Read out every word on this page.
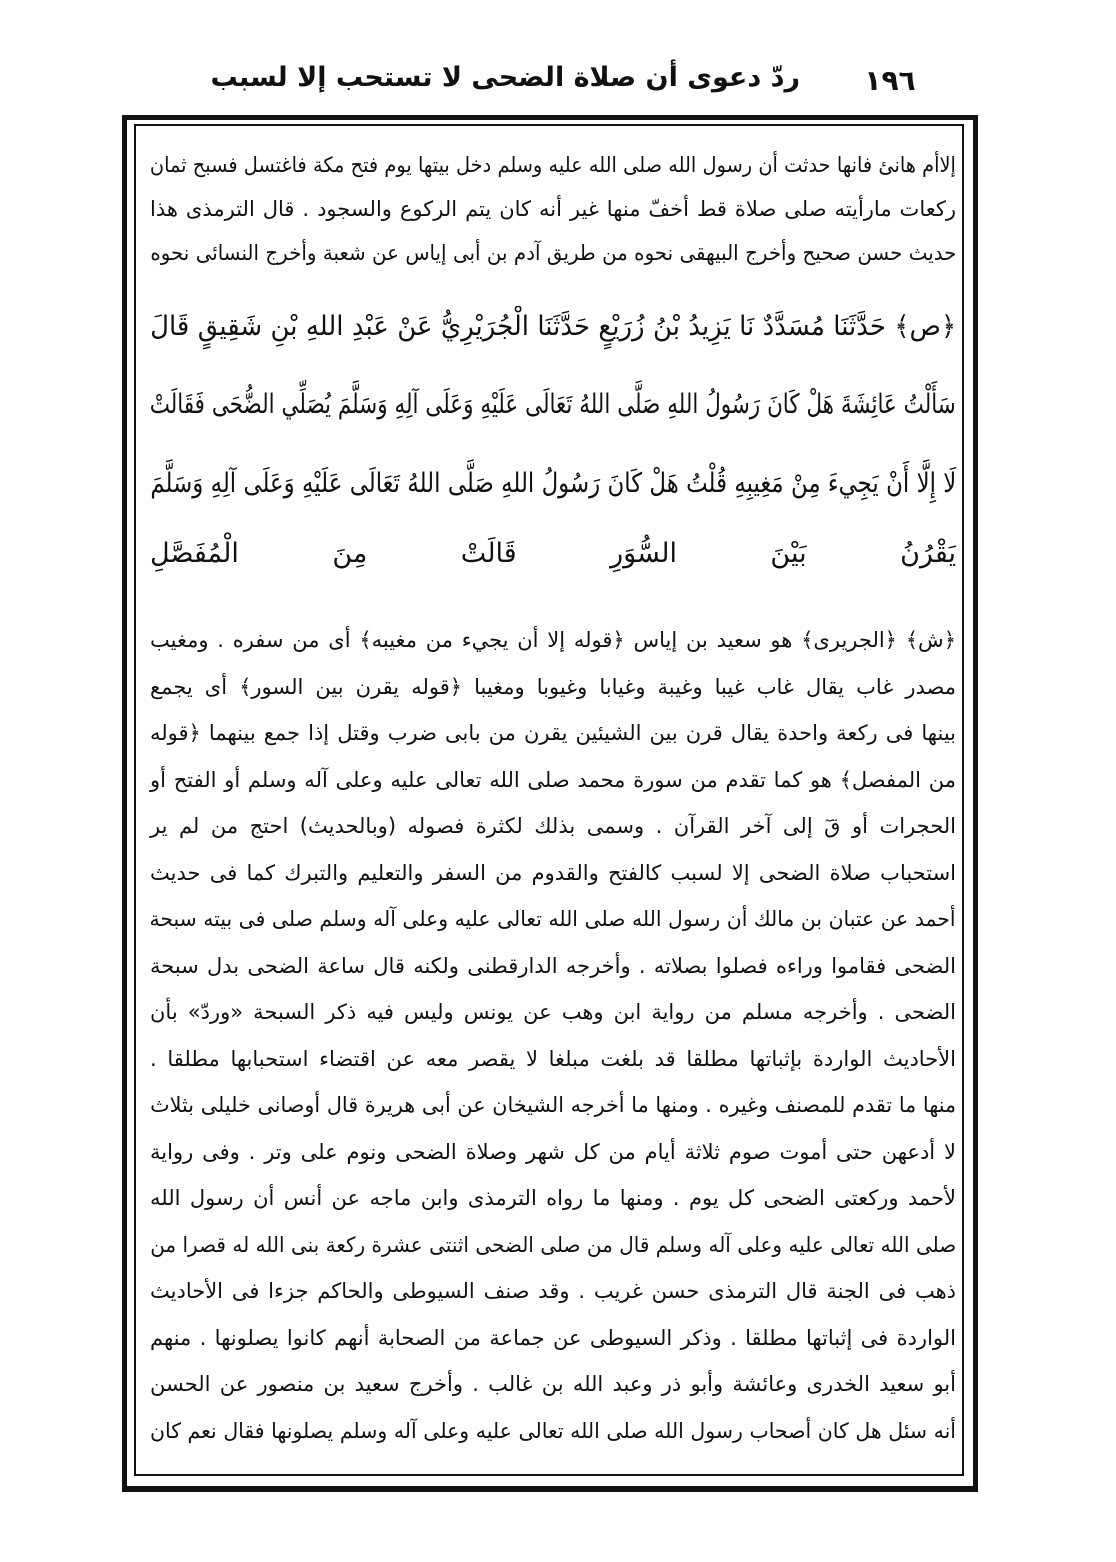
ردّ دعوى أن صلاة الضحى لا تستحب إلا لسبب	١٩٦
إلاأم هانئ فانها حدثت أن رسول الله صلى الله عليه وسلم دخل بيتها يوم فتح مكة فاغتسل فسبح ثمان
ركعات مارأيته صلى صلاة قط أخفّ منها غير أنه كان يتم الركوع والسجود . قال الترمذى هذا
حديث حسن صحيح وأخرج البيهقى نحوه من طريق آدم بن أبى إياس عن شعبة وأخرج النسائى نحوه
﴿ص﴾ حَدَّثَنَا مُسَدَّدٌ نَا يَزِيدُ بْنُ زُرَيْعٍ حَدَّثَنَا الْجُرَيْرِيُّ عَنْ عَبْدِ اللهِ بْنِ شَقِيقٍ قَالَ
سَأَلْتُ عَائِشَةَ هَلْ كَانَ رَسُولُ اللهِ صَلَّى اللهُ تَعَالَى عَلَيْهِ وَعَلَى آلِهِ وَسَلَّمَ يُصَلِّي الضُّحَى فَقَالَتْ
لَا إِلَّا أَنْ يَجِيءَ مِنْ مَغِيبِهِ قُلْتُ هَلْ كَانَ رَسُولُ اللهِ صَلَّى اللهُ تَعَالَى عَلَيْهِ وَعَلَى آلِهِ وَسَلَّمَ
يَقْرُنُ بَيْنَ السُّوَرِ قَالَتْ مِنَ الْمُفَصَّلِ
﴿ش﴾ ﴿الجريرى﴾ هو سعيد بن إياس ﴿قوله إلا أن يجيء من مغيبه﴾ أى من سفره . ومغيب
مصدر غاب يقال غاب غيبا وغيبة وغيابا وغيوبا ومغيبا ﴿قوله يقرن بين السور﴾ أى يجمع
بينها فى ركعة واحدة يقال قرن بين الشيئين يقرن من بابى ضرب وقتل إذا جمع بينهما ﴿قوله
من المفصل﴾ هو كما تقدم من سورة محمد صلى الله تعالى عليه وعلى آله وسلم أو الفتح أو
الحجرات أو قٓ إلى آخر القرآن . وسمى بذلك لكثرة فصوله (وبالحديث) احتج من لم ير
استحباب صلاة الضحى إلا لسبب كالفتح والقدوم من السفر والتعليم والتبرك كما فى حديث
أحمد عن عتبان بن مالك أن رسول الله صلى الله تعالى عليه وعلى آله وسلم صلى فى بيته سبحة
الضحى فقاموا وراءه فصلوا بصلاته . وأخرجه الدارقطنى ولكنه قال ساعة الضحى بدل سبحة
الضحى . وأخرجه مسلم من رواية ابن وهب عن يونس وليس فيه ذكر السبحة «وردّ» بأن
الأحاديث الواردة بإثباتها مطلقا قد بلغت مبلغا لا يقصر معه عن اقتضاء استحبابها مطلقا .
منها ما تقدم للمصنف وغيره . ومنها ما أخرجه الشيخان عن أبى هريرة قال أوصانى خليلى بثلاث
لا أدعهن حتى أموت صوم ثلاثة أيام من كل شهر وصلاة الضحى ونوم على وتر . وفى رواية
لأحمد وركعتى الضحى كل يوم . ومنها ما رواه الترمذى وابن ماجه عن أنس أن رسول الله
صلى الله تعالى عليه وعلى آله وسلم قال من صلى الضحى اثنتى عشرة ركعة بنى الله له قصرا من
ذهب فى الجنة قال الترمذى حسن غريب . وقد صنف السيوطى والحاكم جزءا فى الأحاديث
الواردة فى إثباتها مطلقا . وذكر السيوطى عن جماعة من الصحابة أنهم كانوا يصلونها . منهم
أبو سعيد الخدرى وعائشة وأبو ذر وعبد الله بن غالب . وأخرج سعيد بن منصور عن الحسن
أنه سئل هل كان أصحاب رسول الله صلى الله تعالى عليه وعلى آله وسلم يصلونها فقال نعم كان
